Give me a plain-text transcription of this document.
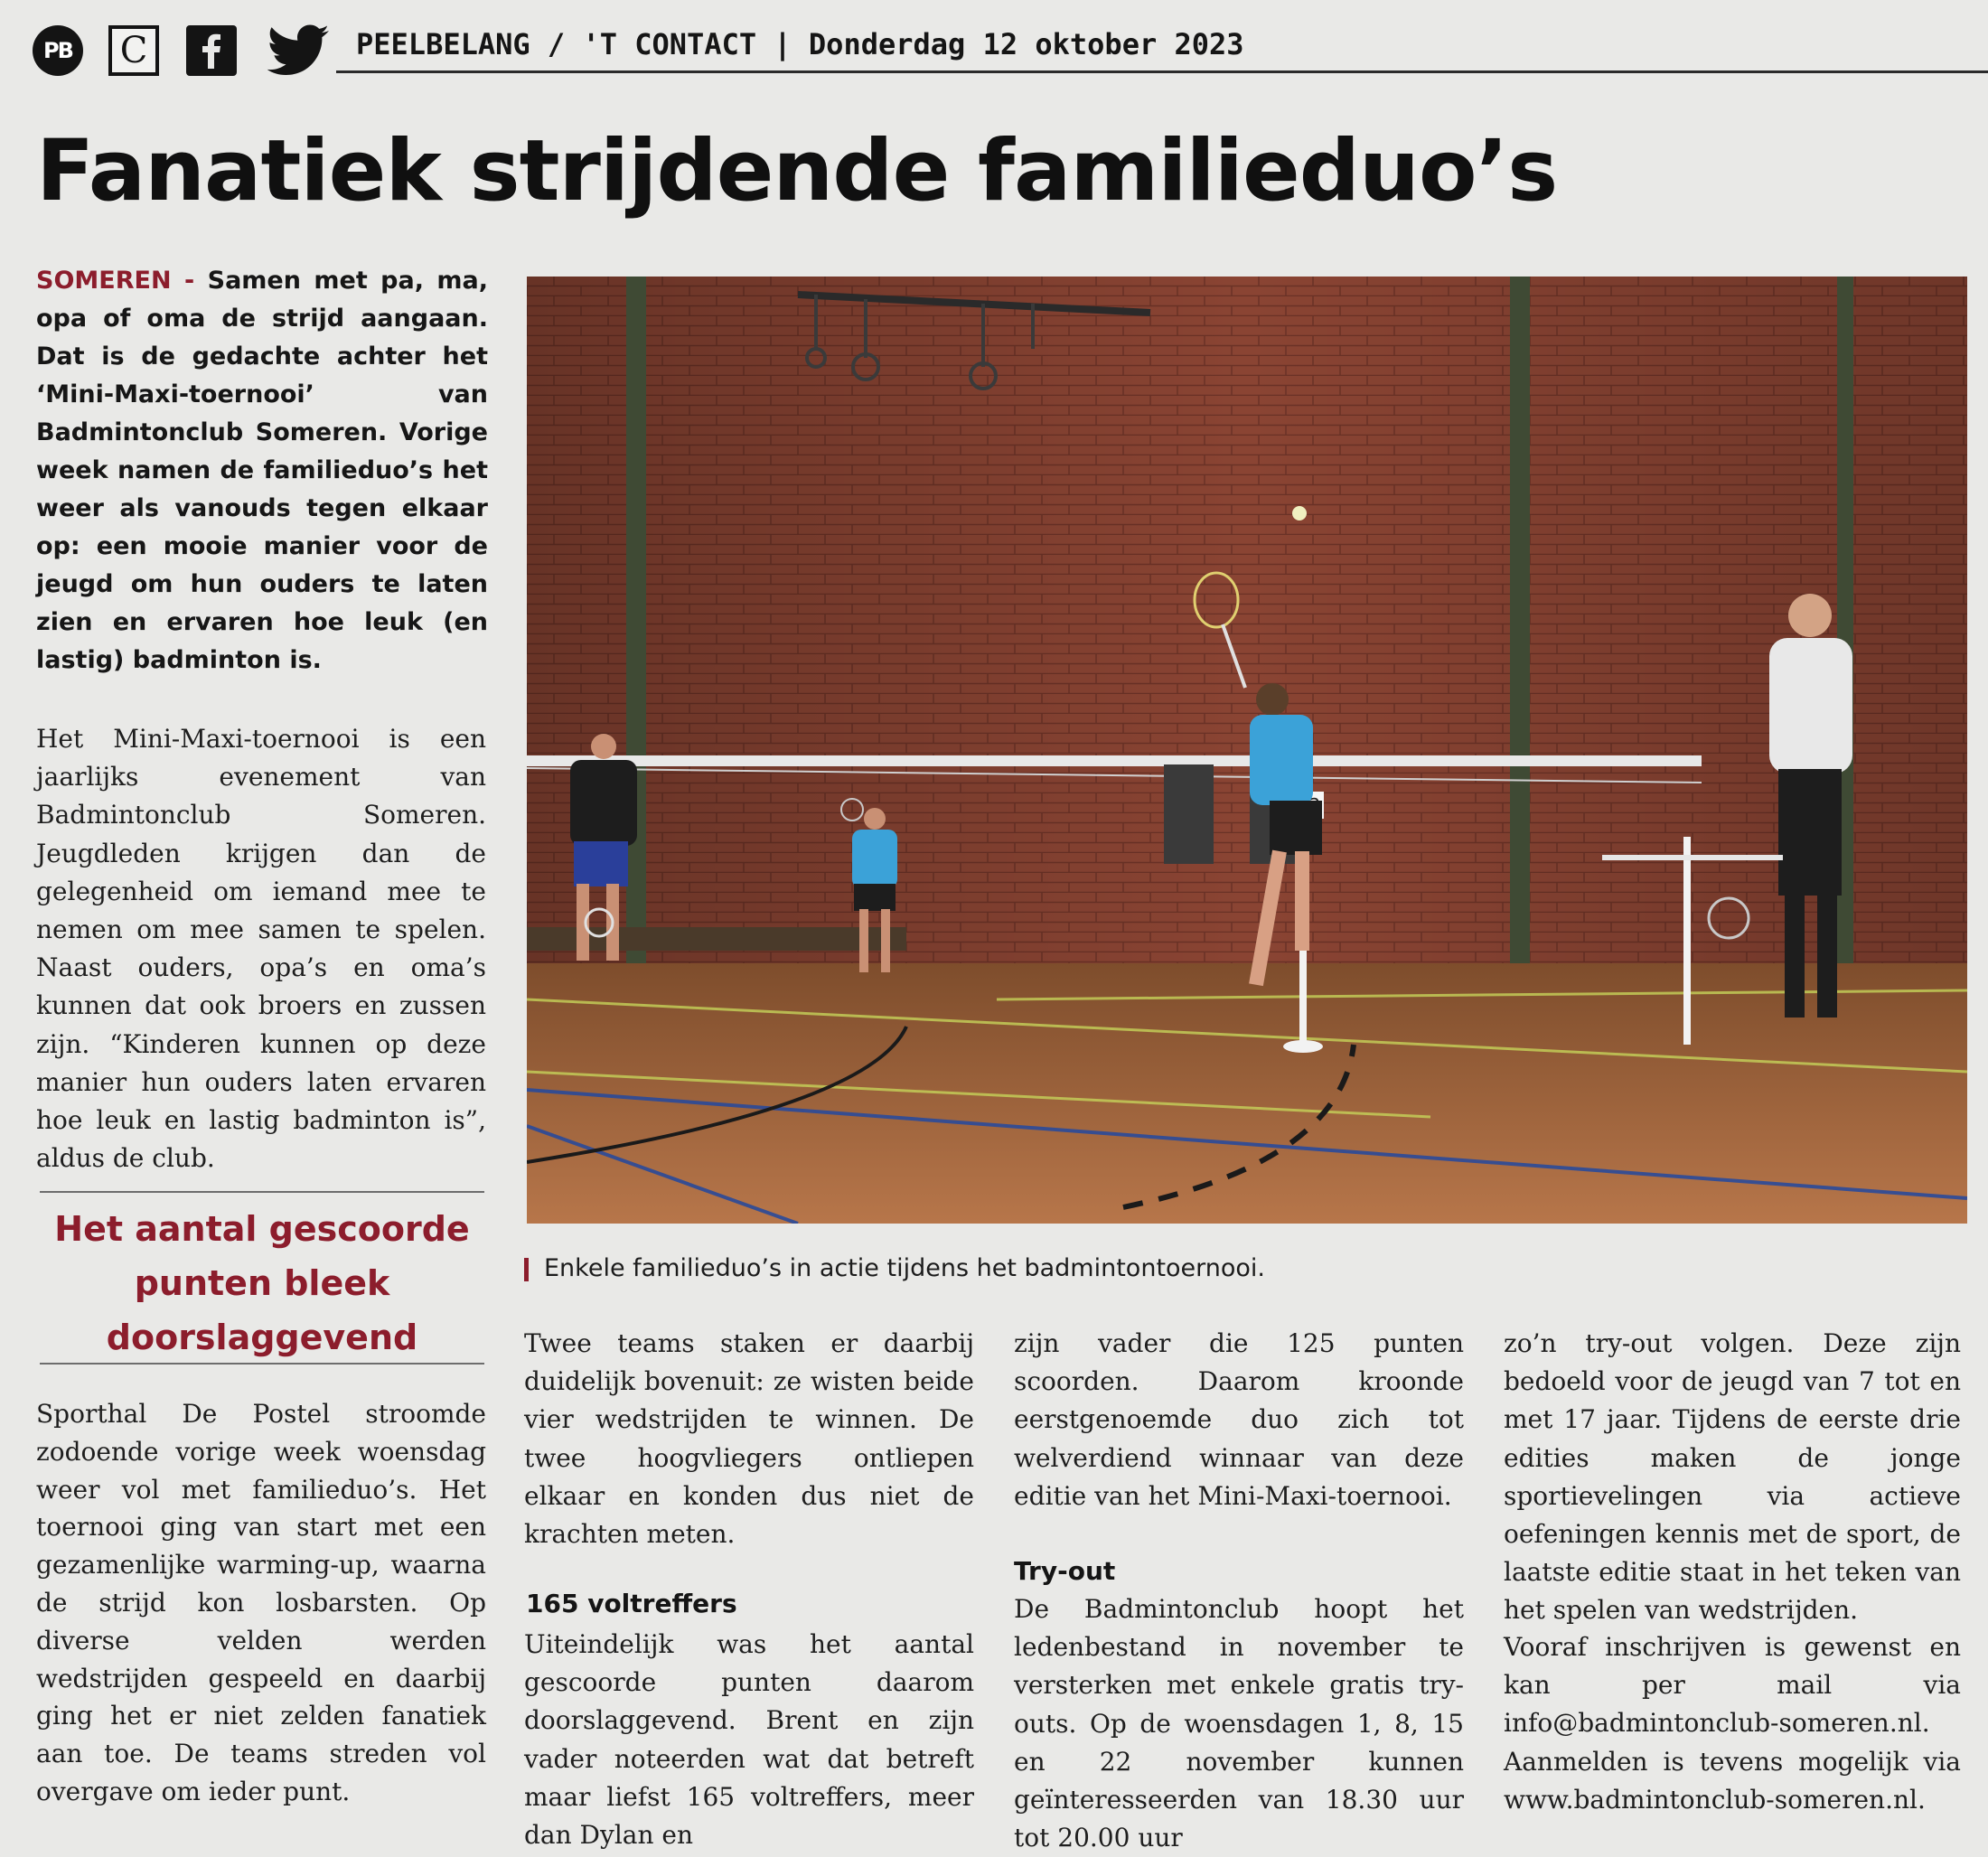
PB C	PEELBELANG / 'T CONTACT | Donderdag 12 oktober 2023
Fanatiek strijdende familieduo’s
SOMEREN - Samen met pa, ma, opa of oma de strijd aangaan. Dat is de gedachte achter het ‘Mini-Maxi-toernooi’ van Badmintonclub Someren. Vorige week namen de familieduo’s het weer als vanouds tegen elkaar op: een mooie manier voor de jeugd om hun ouders te laten zien en ervaren hoe leuk (en lastig) badminton is.
Het Mini-Maxi-toernooi is een jaarlijks evenement van Badmintonclub Someren. Jeugdleden krijgen dan de gelegenheid om iemand mee te nemen om mee samen te spelen. Naast ouders, opa’s en oma’s kunnen dat ook broers en zussen zijn. “Kinderen kunnen op deze manier hun ouders laten ervaren hoe leuk en lastig badminton is”, aldus de club.
Het aantal gescoorde punten bleek doorslaggevend
Sporthal De Postel stroomde zodoende vorige week woensdag weer vol met familieduo’s. Het toernooi ging van start met een gezamenlijke warming-up, waarna de strijd kon losbarsten. Op diverse velden werden wedstrijden gespeeld en daarbij ging het er niet zelden fanatiek aan toe. De teams streden vol overgave om ieder punt.
Enkele familieduo’s in actie tijdens het badmintontoernooi.
Twee teams staken er daarbij duidelijk bovenuit: ze wisten beide vier wedstrijden te winnen. De twee hoogvliegers ontliepen elkaar en konden dus niet de krachten meten.
165 voltreffers
Uiteindelijk was het aantal gescoorde punten daarom doorslaggevend. Brent en zijn vader noteerden wat dat betreft maar liefst 165 voltreffers, meer dan Dylan en
zijn vader die 125 punten scoorden. Daarom kroonde eerstgenoemde duo zich tot welverdiend winnaar van deze editie van het Mini-Maxi-toernooi.
Try-out
De Badmintonclub hoopt het ledenbestand in november te versterken met enkele gratis try-outs. Op de woensdagen 1, 8, 15 en 22 november kunnen geïnteresseerden van 18.30 uur tot 20.00 uur
zo’n try-out volgen. Deze zijn bedoeld voor de jeugd van 7 tot en met 17 jaar. Tijdens de eerste drie edities maken de jonge sportievelingen via actieve oefeningen kennis met de sport, de laatste editie staat in het teken van het spelen van wedstrijden.
Vooraf inschrijven is gewenst en kan per mail via info@badmintonclub-someren.nl. Aanmelden is tevens mogelijk via www.badmintonclub-someren.nl.
